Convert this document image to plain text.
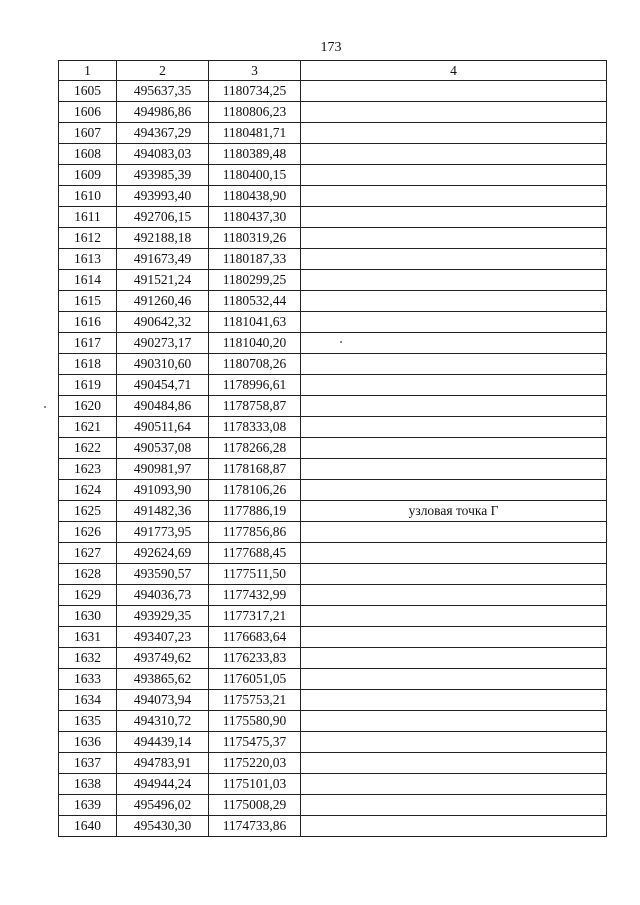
173
1	2	3	4
1605	495637,35	1180734,25	
1606	494986,86	1180806,23	
1607	494367,29	1180481,71	
1608	494083,03	1180389,48	
1609	493985,39	1180400,15	
1610	493993,40	1180438,90	
1611	492706,15	1180437,30	
1612	492188,18	1180319,26	
1613	491673,49	1180187,33	
1614	491521,24	1180299,25	
1615	491260,46	1180532,44	
1616	490642,32	1181041,63	
1617	490273,17	1181040,20	
1618	490310,60	1180708,26	
1619	490454,71	1178996,61	
1620	490484,86	1178758,87	
1621	490511,64	1178333,08	
1622	490537,08	1178266,28	
1623	490981,97	1178168,87	
1624	491093,90	1178106,26	
1625	491482,36	1177886,19	узловая точка Г
1626	491773,95	1177856,86	
1627	492624,69	1177688,45	
1628	493590,57	1177511,50	
1629	494036,73	1177432,99	
1630	493929,35	1177317,21	
1631	493407,23	1176683,64	
1632	493749,62	1176233,83	
1633	493865,62	1176051,05	
1634	494073,94	1175753,21	
1635	494310,72	1175580,90	
1636	494439,14	1175475,37	
1637	494783,91	1175220,03	
1638	494944,24	1175101,03	
1639	495496,02	1175008,29	
1640	495430,30	1174733,86	
